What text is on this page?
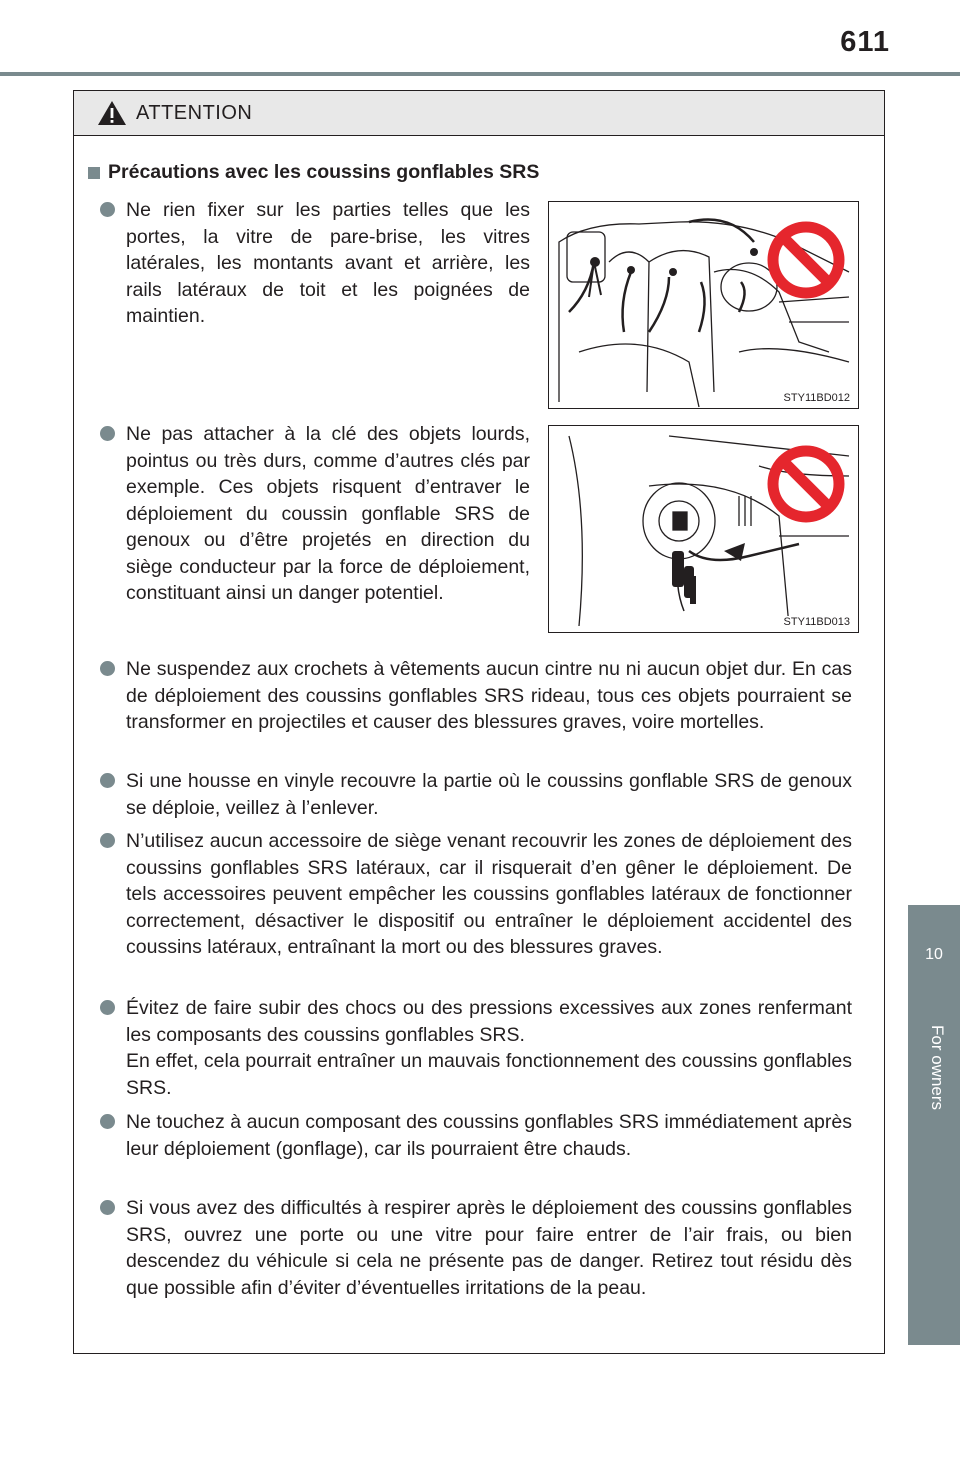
611
10
For owners
ATTENTION
Précautions avec les coussins gonflables SRS
Ne rien fixer sur les parties telles que les portes, la vitre de pare-brise, les vitres latérales, les montants avant et arrière, les rails latéraux de toit et les poignées de maintien.
STY11BD012
Ne pas attacher à la clé des objets lourds, pointus ou très durs, comme d’autres clés par exemple. Ces objets risquent d’entraver le déploiement du coussin gonflable SRS de genoux ou d’être projetés en direction du siège conducteur par la force de déploiement, constituant ainsi un danger potentiel.
STY11BD013
Ne suspendez aux crochets à vêtements aucun cintre nu ni aucun objet dur. En cas de déploiement des coussins gonflables SRS rideau, tous ces objets pourraient se transformer en projectiles et causer des blessures graves, voire mortelles.
Si une housse en vinyle recouvre la partie où le coussins gonflable SRS de genoux se déploie, veillez à l’enlever.
N’utilisez aucun accessoire de siège venant recouvrir les zones de déploiement des coussins gonflables SRS latéraux, car il risquerait d’en gêner le déploiement. De tels accessoires peuvent empêcher les coussins gonflables latéraux de fonctionner correctement, désactiver le dispositif ou entraîner le déploiement accidentel des coussins latéraux, entraînant la mort ou des blessures graves.
Évitez de faire subir des chocs ou des pressions excessives aux zones renfermant les composants des coussins gonflables SRS.
En effet, cela pourrait entraîner un mauvais fonctionnement des coussins gonflables SRS.
Ne touchez à aucun composant des coussins gonflables SRS immédiatement après leur déploiement (gonflage), car ils pourraient être chauds.
Si vous avez des difficultés à respirer après le déploiement des coussins gonflables SRS, ouvrez une porte ou une vitre pour faire entrer de l’air frais, ou bien descendez du véhicule si cela ne présente pas de danger. Retirez tout résidu dès que possible afin d’éviter d’éventuelles irritations de la peau.
